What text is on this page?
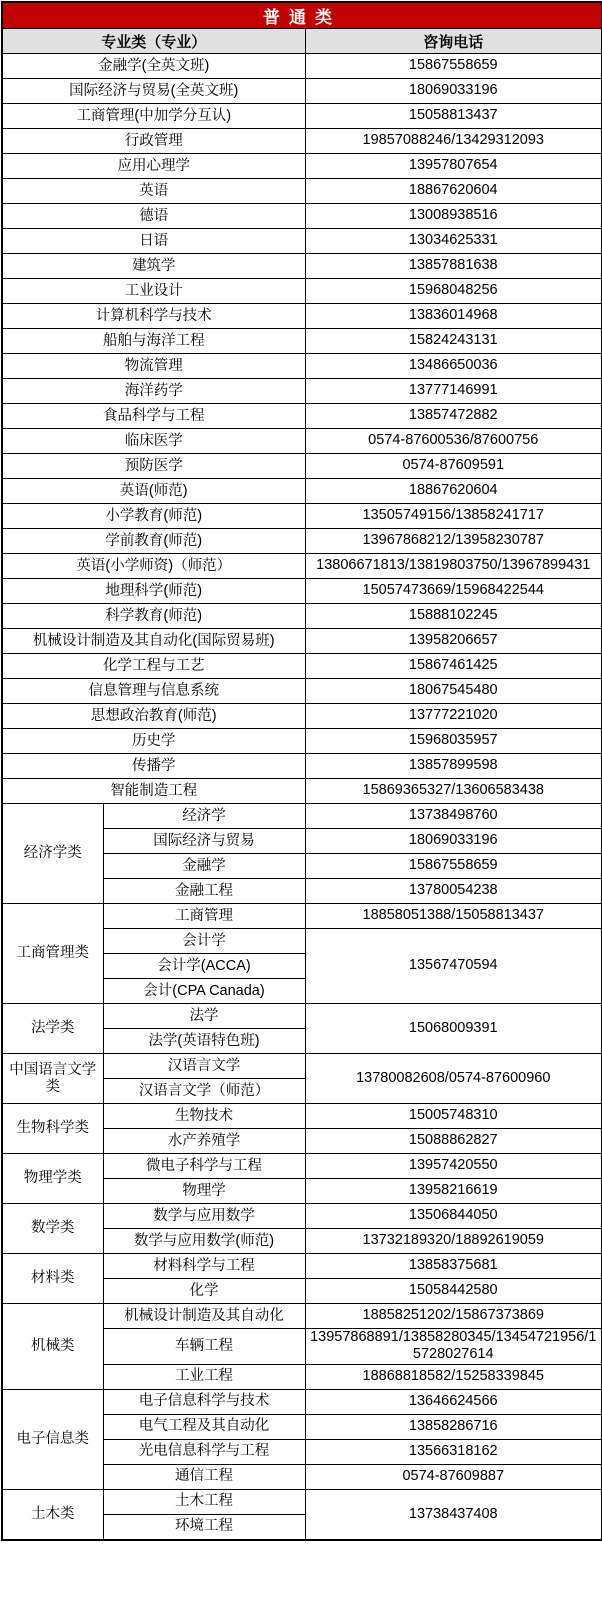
普通类		
专业类（专业）		咨询电话
金融学(全英文班)		15867558659
国际经济与贸易(全英文班)		18069033196
工商管理(中加学分互认)		15058813437
行政管理		19857088246/13429312093
应用心理学		13957807654
英语		18867620604
德语		13008938516
日语		13034625331
建筑学		13857881638
工业设计		15968048256
计算机科学与技术		13836014968
船舶与海洋工程		15824243131
物流管理		13486650036
海洋药学		13777146991
食品科学与工程		13857472882
临床医学		0574-87600536/87600756
预防医学		0574-87609591
英语(师范)		18867620604
小学教育(师范)		13505749156/13858241717
学前教育(师范)		13967868212/13958230787
英语(小学师资)（师范）		13806671813/13819803750/13967899431
地理科学(师范)		15057473669/15968422544
科学教育(师范)		15888102245
机械设计制造及其自动化(国际贸易班)		13958206657
化学工程与工艺		15867461425
信息管理与信息系统		18067545480
思想政治教育(师范)		13777221020
历史学		15968035957
传播学		13857899598
智能制造工程		15869365327/13606583438
经济学类	经济学	13738498760
	国际经济与贸易	18069033196
	金融学	15867558659
	金融工程	13780054238
工商管理类	工商管理	18858051388/15058813437
	会计学	13567470594
	会计学(ACCA)	
	会计(CPA Canada)	
法学类	法学	15068009391
	法学(英语特色班)	
中国语言文学类	汉语言文学	13780082608/0574-87600960
	汉语言文学（师范）	
生物科学类	生物技术	15005748310
	水产养殖学	15088862827
物理学类	微电子科学与工程	13957420550
	物理学	13958216619
数学类	数学与应用数学	13506844050
	数学与应用数学(师范)	13732189320/18892619059
材料类	材料科学与工程	13858375681
	化学	15058442580
机械类	机械设计制造及其自动化	18858251202/15867373869
	车辆工程	13957868891/13858280345/13454721956/15728027614
	工业工程	18868818582/15258339845
电子信息类	电子信息科学与技术	13646624566
	电气工程及其自动化	13858286716
	光电信息科学与工程	13566318162
	通信工程	0574-87609887
土木类	土木工程	13738437408
	环境工程	
